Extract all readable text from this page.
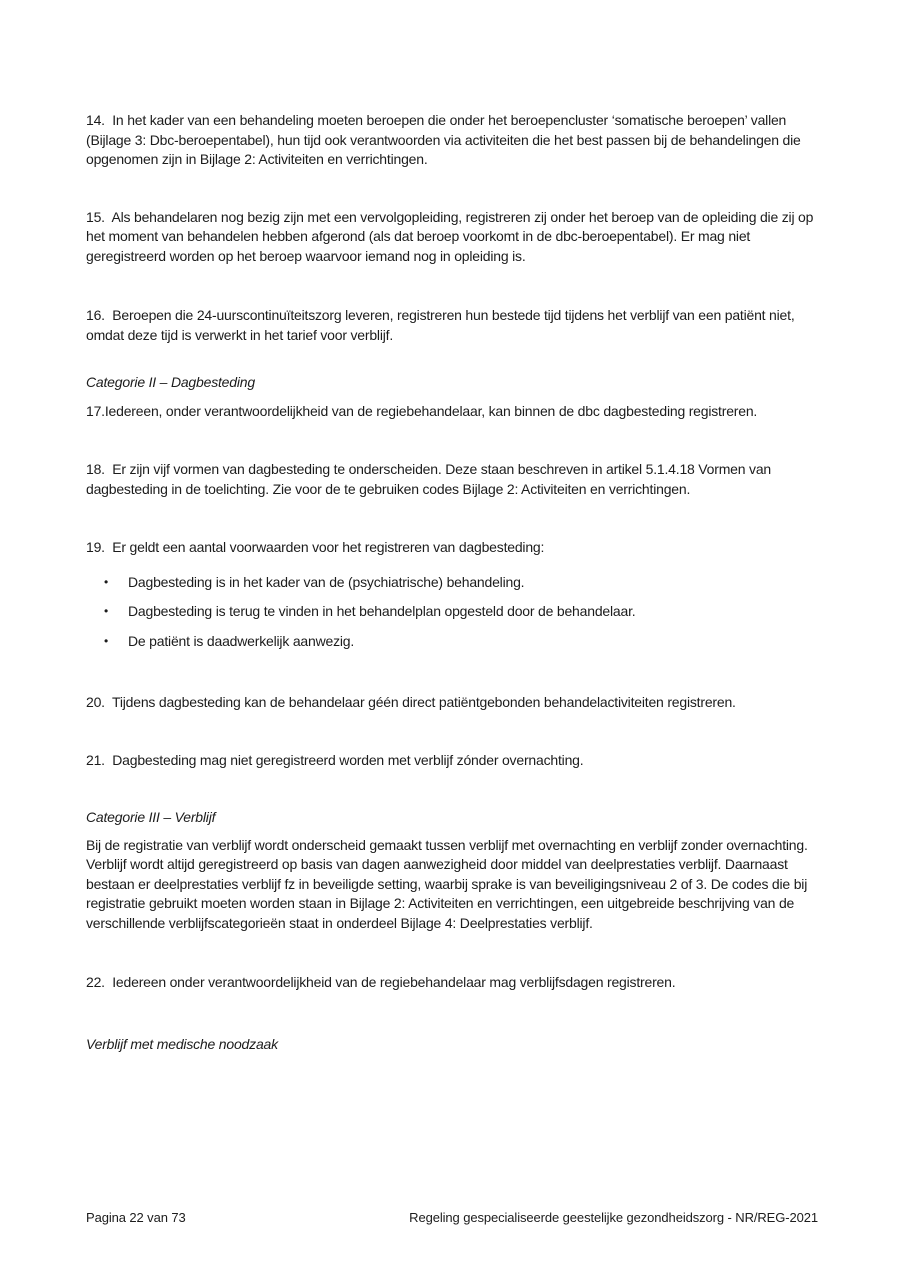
14.  In het kader van een behandeling moeten beroepen die onder het beroepencluster ‘somatische beroepen’ vallen (Bijlage 3: Dbc-beroepentabel), hun tijd ook verantwoorden via activiteiten die het best passen bij de behandelingen die opgenomen zijn in Bijlage 2: Activiteiten en verrichtingen.

15.  Als behandelaren nog bezig zijn met een vervolgopleiding, registreren zij onder het beroep van de opleiding die zij op het moment van behandelen hebben afgerond (als dat beroep voorkomt in de dbc-beroepentabel). Er mag niet geregistreerd worden op het beroep waarvoor iemand nog in opleiding is.

16.  Beroepen die 24-uurscontinuïteitszorg leveren, registreren hun bestede tijd tijdens het verblijf van een patiënt niet, omdat deze tijd is verwerkt in het tarief voor verblijf.

Categorie II – Dagbesteding

17.Iedereen, onder verantwoordelijkheid van de regiebehandelaar, kan binnen de dbc dagbesteding registreren.

18.  Er zijn vijf vormen van dagbesteding te onderscheiden. Deze staan beschreven in artikel 5.1.4.18 Vormen van dagbesteding in de toelichting. Zie voor de te gebruiken codes Bijlage 2: Activiteiten en verrichtingen.

19.  Er geldt een aantal voorwaarden voor het registreren van dagbesteding:

• Dagbesteding is in het kader van de (psychiatrische) behandeling.
• Dagbesteding is terug te vinden in het behandelplan opgesteld door de behandelaar.
• De patiënt is daadwerkelijk aanwezig.

20.  Tijdens dagbesteding kan de behandelaar géén direct patiëntgebonden behandelactiviteiten registreren.

21.  Dagbesteding mag niet geregistreerd worden met verblijf zónder overnachting.

Categorie III – Verblijf

Bij de registratie van verblijf wordt onderscheid gemaakt tussen verblijf met overnachting en verblijf zonder overnachting. Verblijf wordt altijd geregistreerd op basis van dagen aanwezigheid door middel van deelprestaties verblijf. Daarnaast bestaan er deelprestaties verblijf fz in beveiligde setting, waarbij sprake is van beveiligingsniveau 2 of 3. De codes die bij registratie gebruikt moeten worden staan in Bijlage 2: Activiteiten en verrichtingen, een uitgebreide beschrijving van de verschillende verblijfscategorieën staat in onderdeel Bijlage 4: Deelprestaties verblijf.

22.  Iedereen onder verantwoordelijkheid van de regiebehandelaar mag verblijfsdagen registreren.

Verblijf met medische noodzaak
Pagina 22 van 73	Regeling gespecialiseerde geestelijke gezondheidszorg - NR/REG-2021
